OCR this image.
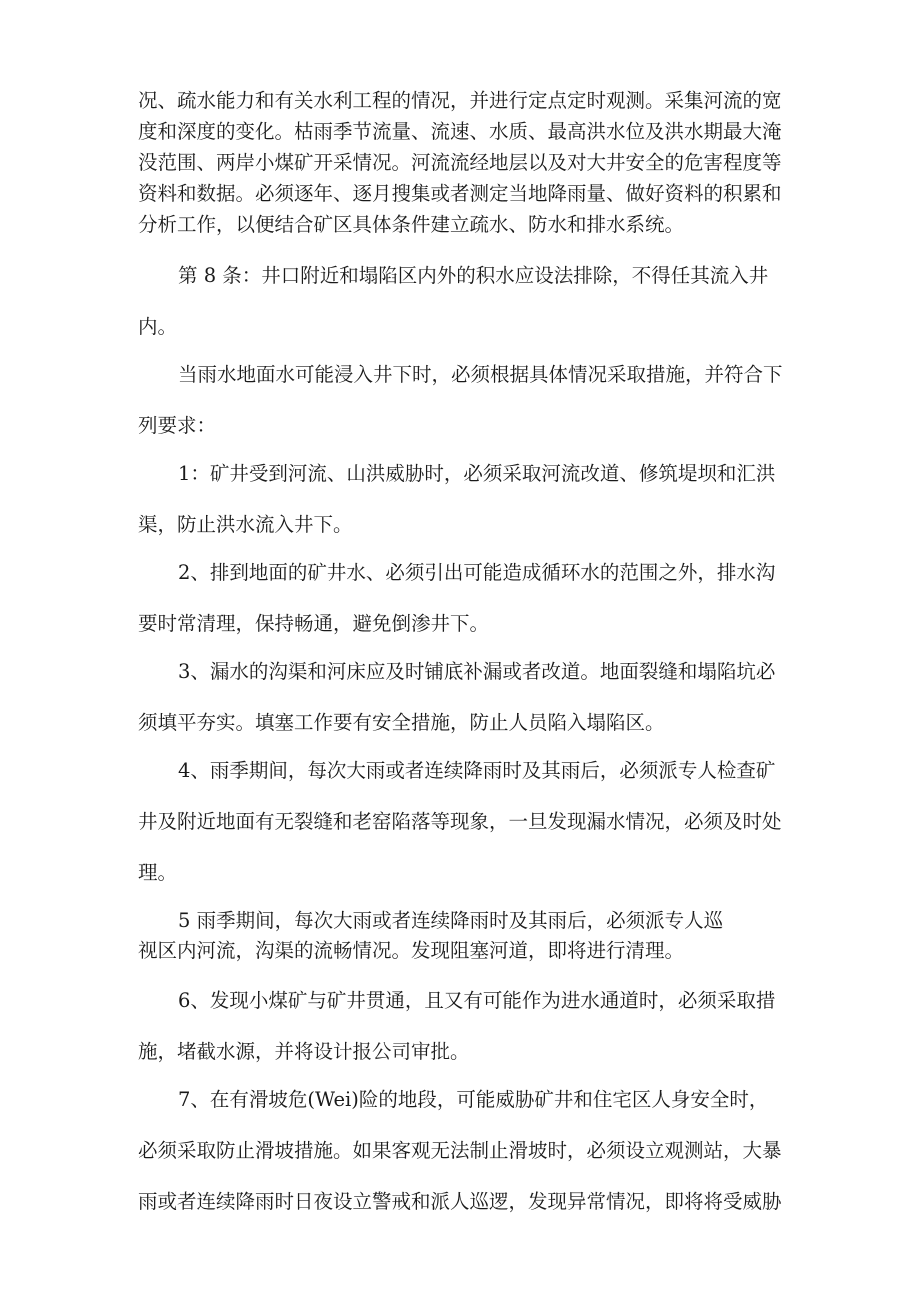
况、疏水能力和有关水利工程的情况，并进行定点定时观测。采集河流的宽
度和深度的变化。枯雨季节流量、流速、水质、最高洪水位及洪水期最大淹
没范围、两岸小煤矿开采情况。河流流经地层以及对大井安全的危害程度等
资料和数据。必须逐年、逐月搜集或者测定当地降雨量、做好资料的积累和
分析工作，以便结合矿区具体条件建立疏水、防水和排水系统。
第 8 条：井口附近和塌陷区内外的积水应设法排除，不得任其流入井
内。
当雨水地面水可能浸入井下时，必须根据具体情况采取措施，并符合下
列要求：
1：矿井受到河流、山洪威胁时，必须采取河流改道、修筑堤坝和汇洪
渠，防止洪水流入井下。
2、排到地面的矿井水、必须引出可能造成循环水的范围之外，排水沟
要时常清理，保持畅通，避免倒渗井下。
3、漏水的沟渠和河床应及时铺底补漏或者改道。地面裂缝和塌陷坑必
须填平夯实。填塞工作要有安全措施，防止人员陷入塌陷区。
4、雨季期间，每次大雨或者连续降雨时及其雨后，必须派专人检查矿
井及附近地面有无裂缝和老窑陷落等现象，一旦发现漏水情况，必须及时处
理。
5 雨季期间，每次大雨或者连续降雨时及其雨后，必须派专人巡
视区内河流，沟渠的流畅情况。发现阻塞河道，即将进行清理。
6、发现小煤矿与矿井贯通，且又有可能作为进水通道时，必须采取措
施，堵截水源，并将设计报公司审批。
7、在有滑坡危(Wei)险的地段，可能威胁矿井和住宅区人身安全时，
必须采取防止滑坡措施。如果客观无法制止滑坡时，必须设立观测站，大暴
雨或者连续降雨时日夜设立警戒和派人巡逻，发现异常情况，即将将受威胁
